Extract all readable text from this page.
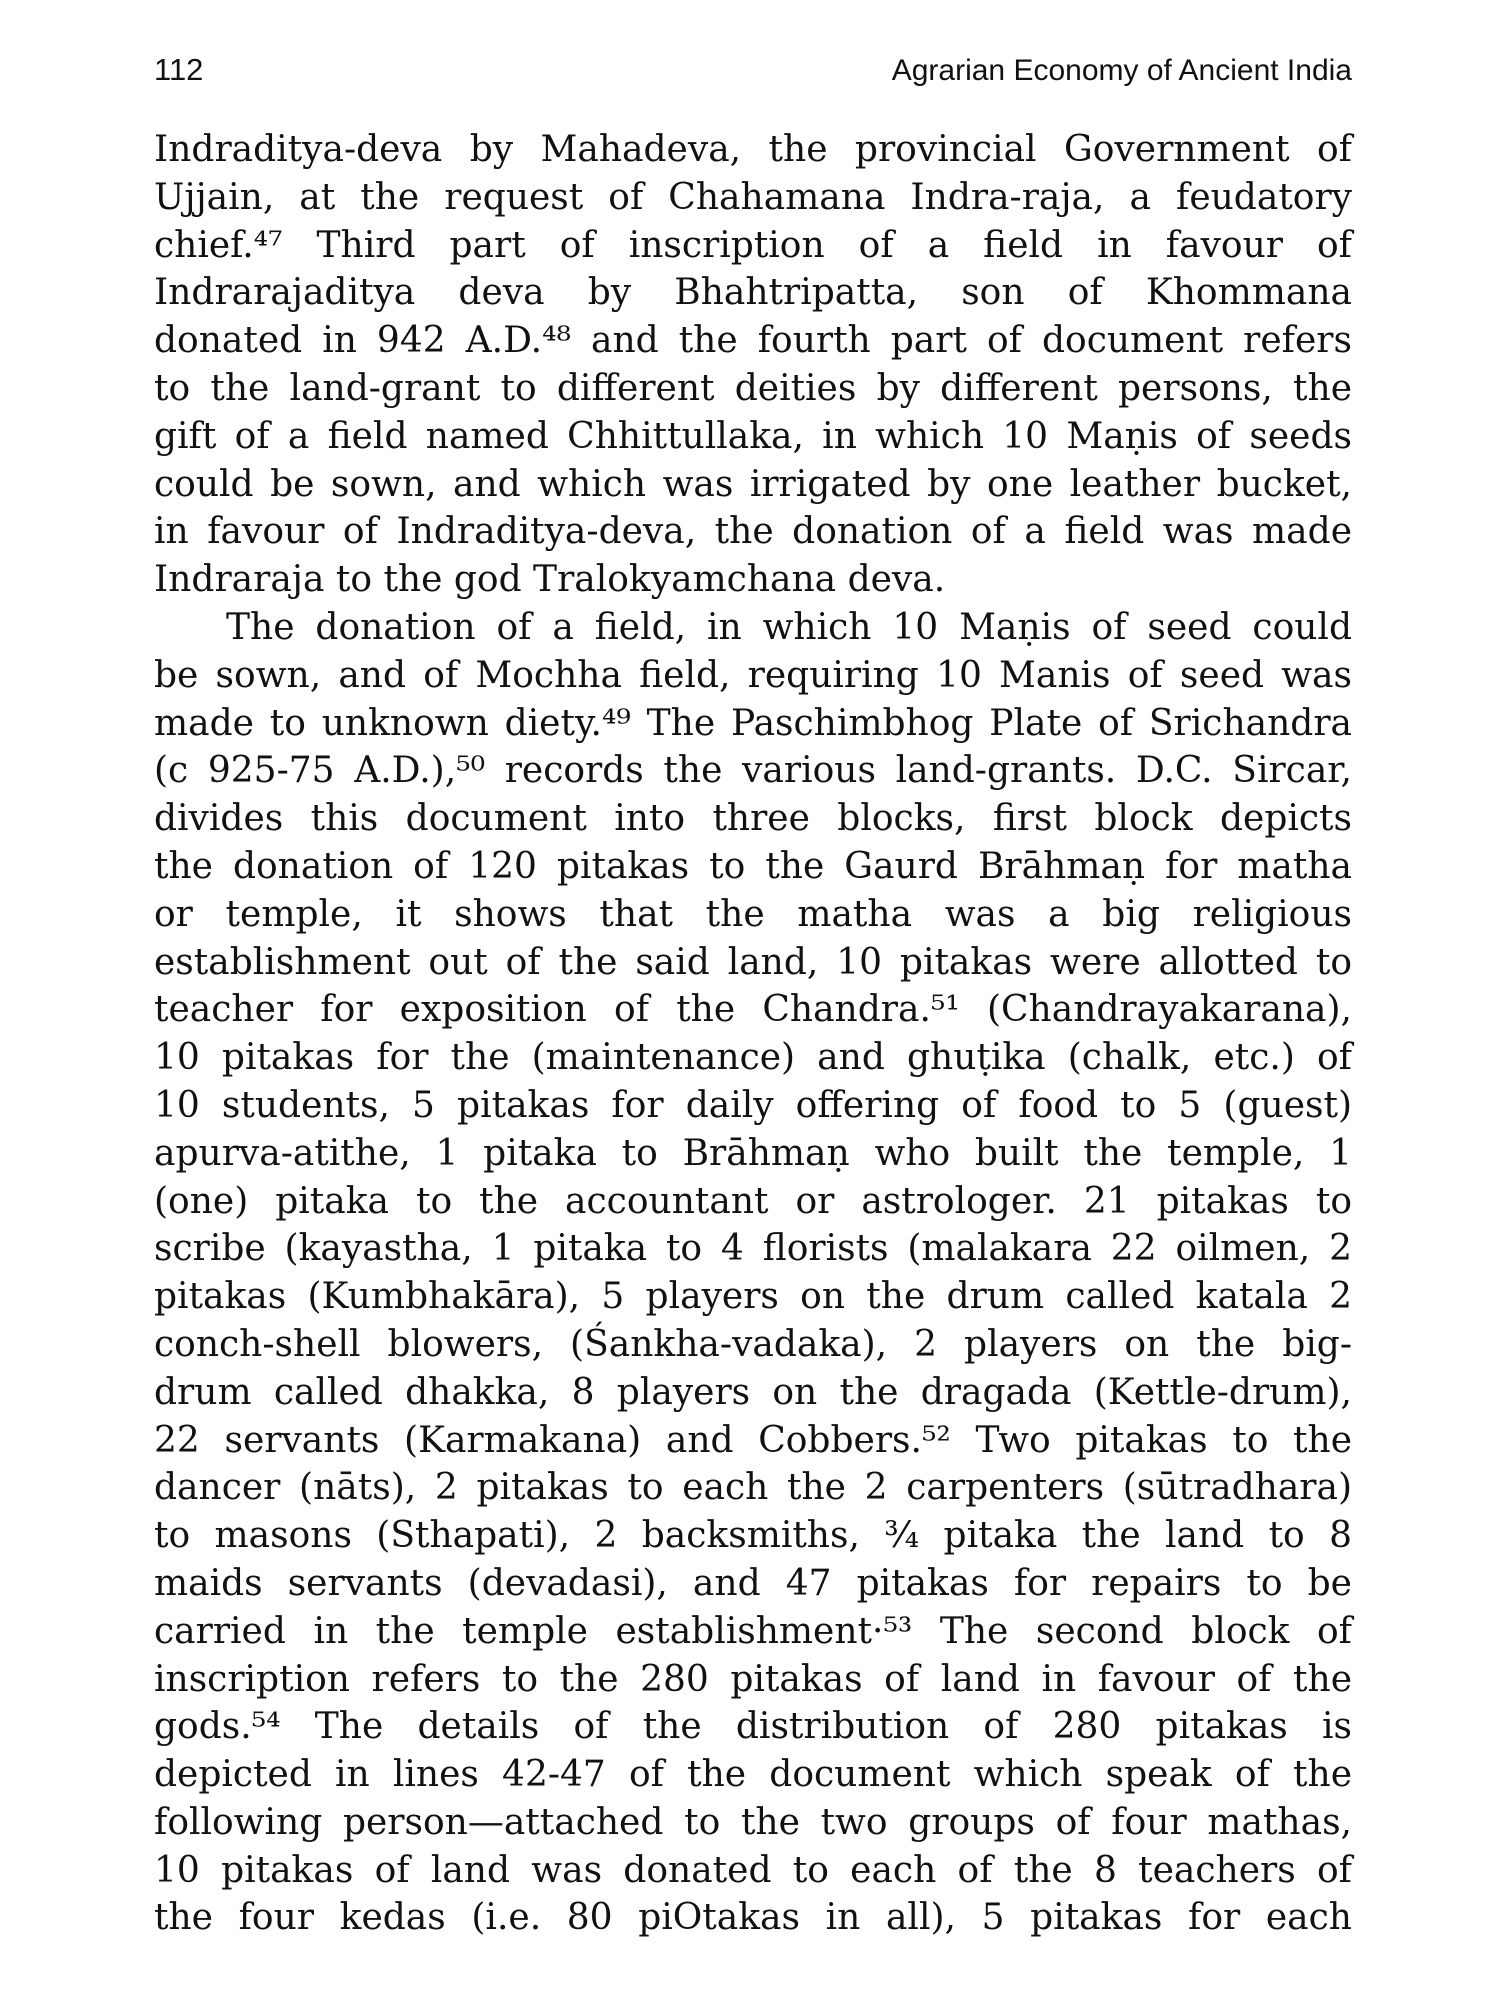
112	Agrarian Economy of Ancient India
Indraditya-deva by Mahadeva, the provincial Government of
Ujjain, at the request of Chahamana Indra-raja, a feudatory
chief.⁴⁷ Third part of inscription of a field in favour of
Indrarajaditya deva by Bhahtripatta, son of Khommana
donated in 942 A.D.⁴⁸ and the fourth part of document refers
to the land-grant to different deities by different persons, the
gift of a field named Chhittullaka, in which 10 Maṇis of seeds
could be sown, and which was irrigated by one leather bucket,
in favour of Indraditya-deva, the donation of a field was made
Indraraja to the god Tralokyamchana deva.
The donation of a field, in which 10 Maṇis of seed could
be sown, and of Mochha field, requiring 10 Manis of seed was
made to unknown diety.⁴⁹ The Paschimbhog Plate of Srichandra
(c 925-75 A.D.),⁵⁰ records the various land-grants. D.C. Sircar,
divides this document into three blocks, first block depicts
the donation of 120 pitakas to the Gaurd Brāhmaṇ for matha
or temple, it shows that the matha was a big religious
establishment out of the said land, 10 pitakas were allotted to
teacher for exposition of the Chandra.⁵¹ (Chandrayakarana),
10 pitakas for the (maintenance) and ghuṭika (chalk, etc.) of
10 students, 5 pitakas for daily offering of food to 5 (guest)
apurva-atithe, 1 pitaka to Brāhmaṇ who built the temple, 1
(one) pitaka to the accountant or astrologer. 21 pitakas to
scribe (kayastha, 1 pitaka to 4 florists (malakara 22 oilmen, 2
pitakas (Kumbhakāra), 5 players on the drum called katala 2
conch-shell blowers, (Śankha-vadaka), 2 players on the big-
drum called dhakka, 8 players on the dragada (Kettle-drum),
22 servants (Karmakana) and Cobbers.⁵² Two pitakas to the
dancer (nāts), 2 pitakas to each the 2 carpenters (sūtradhara)
to masons (Sthapati), 2 backsmiths, ¾ pitaka the land to 8
maids servants (devadasi), and 47 pitakas for repairs to be
carried in the temple establishment·⁵³ The second block of
inscription refers to the 280 pitakas of land in favour of the
gods.⁵⁴ The details of the distribution of 280 pitakas is
depicted in lines 42-47 of the document which speak of the
following person—attached to the two groups of four mathas,
10 pitakas of land was donated to each of the 8 teachers of
the four kedas (i.e. 80 piOtakas in all), 5 pitakas for each
